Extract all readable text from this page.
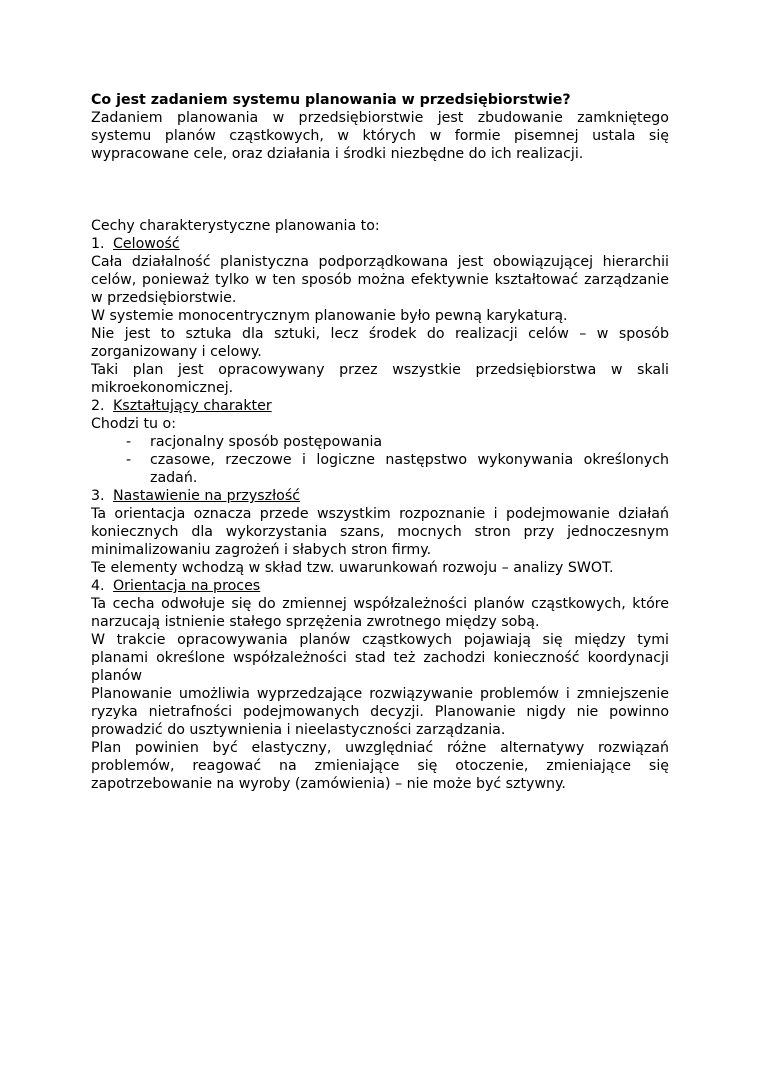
Co jest zadaniem systemu planowania w przedsiębiorstwie?

Zadaniem planowania w przedsiębiorstwie jest zbudowanie zamkniętego systemu planów cząstkowych, w których w formie pisemnej ustala się wypracowane cele, oraz działania i środki niezbędne do ich realizacji.

Cechy charakterystyczne planowania to:

1. Celowość

Cała działalność planistyczna podporządkowana jest obowiązującej hierarchii celów, ponieważ tylko w ten sposób można efektywnie kształtować zarządzanie w przedsiębiorstwie.

W systemie monocentrycznym planowanie było pewną karykaturą.

Nie jest to sztuka dla sztuki, lecz środek do realizacji celów – w sposób zorganizowany i celowy.

Taki plan jest opracowywany przez wszystkie przedsiębiorstwa w skali mikroekonomicznej.

2. Kształtujący charakter

Chodzi tu o:

- racjonalny sposób postępowania

- czasowe, rzeczowe i logiczne następstwo wykonywania określonych zadań.

3. Nastawienie na przyszłość

Ta orientacja oznacza przede wszystkim rozpoznanie i podejmowanie działań koniecznych dla wykorzystania szans, mocnych stron przy jednoczesnym minimalizowaniu zagrożeń i słabych stron firmy.

Te elementy wchodzą w skład tzw. uwarunkowań rozwoju – analizy SWOT.

4. Orientacja na proces

Ta cecha odwołuje się do zmiennej współzależności planów cząstkowych, które narzucają istnienie stałego sprzężenia zwrotnego między sobą.

W trakcie opracowywania planów cząstkowych pojawiają się między tymi planami określone współzależności stad też zachodzi konieczność koordynacji planów

Planowanie umożliwia wyprzedzające rozwiązywanie problemów i zmniejszenie ryzyka nietrafności podejmowanych decyzji. Planowanie nigdy nie powinno prowadzić do usztywnienia i nieelastyczności zarządzania.

Plan powinien być elastyczny, uwzględniać różne alternatywy rozwiązań problemów, reagować na zmieniające się otoczenie, zmieniające się zapotrzebowanie na wyroby (zamówienia) – nie może być sztywny.
